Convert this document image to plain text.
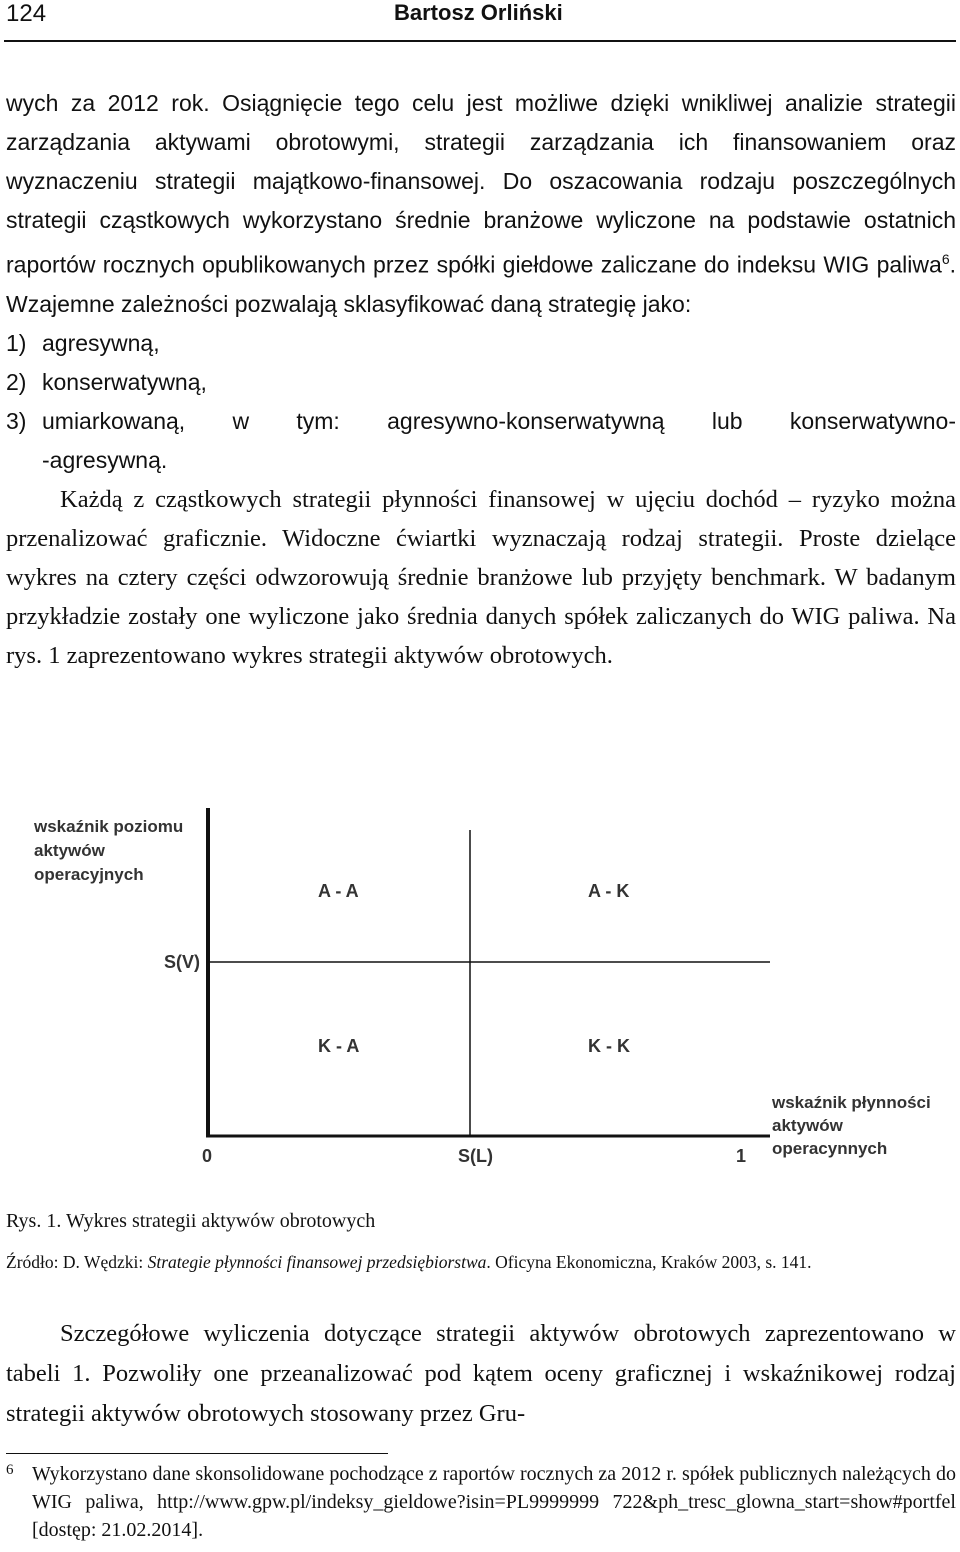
124	Bartosz Orliński

wych za 2012 rok. Osiągnięcie tego celu jest możliwe dzięki wnikliwej analizie strategii zarządzania aktywami obrotowymi, strategii zarządzania ich finansowaniem oraz wyznaczeniu strategii majątkowo-finansowej. Do oszacowania rodzaju poszczególnych strategii cząstkowych wykorzystano średnie branżowe wyliczone na podstawie ostatnich raportów rocznych opublikowanych przez spółki giełdowe zaliczane do indeksu WIG paliwa$^6$. Wzajemne zależności pozwalają sklasyfikować daną strategię jako:

1) agresywną,
2) konserwatywną,
3) umiarkowaną, w tym: agresywno-konserwatywną lub konserwatywno-
-agresywną.

Każdą z cząstkowych strategii płynności finansowej w ujęciu dochód – ryzyko można przenalizować graficznie. Widoczne ćwiartki wyznaczają rodzaj strategii. Proste dzielące wykres na cztery części odwzorowują średnie branżowe lub przyjęty benchmark. W badanym przykładzie zostały one wyliczone jako średnia danych spółek zaliczanych do WIG paliwa. Na rys. 1 zaprezentowano wykres strategii aktywów obrotowych.

wskaźnik poziomu
aktywów
operacyjnych
A - A	A - K
K - A	K - K
S(V)
wskaźnik płynności
aktywów
operacynnych
0	S(L)	1
Rys. 1. Wykres strategii aktywów obrotowych
Źródło: D. Wędzki: Strategie płynności finansowej przedsiębiorstwa. Oficyna Ekonomiczna, Kraków 2003, s. 141.

Szczegółowe wyliczenia dotyczące strategii aktywów obrotowych zaprezentowano w tabeli 1. Pozwoliły one przeanalizować pod kątem oceny graficznej i wskaźnikowej rodzaj strategii aktywów obrotowych stosowany przez Gru-

6 Wykorzystano dane skonsolidowane pochodzące z raportów rocznych za 2012 r. spółek publicznych należących do WIG paliwa, http://www.gpw.pl/indeksy_gieldowe?isin=PL9999999 722&ph_tresc_glowna_start=show#portfel [dostęp: 21.02.2014].
